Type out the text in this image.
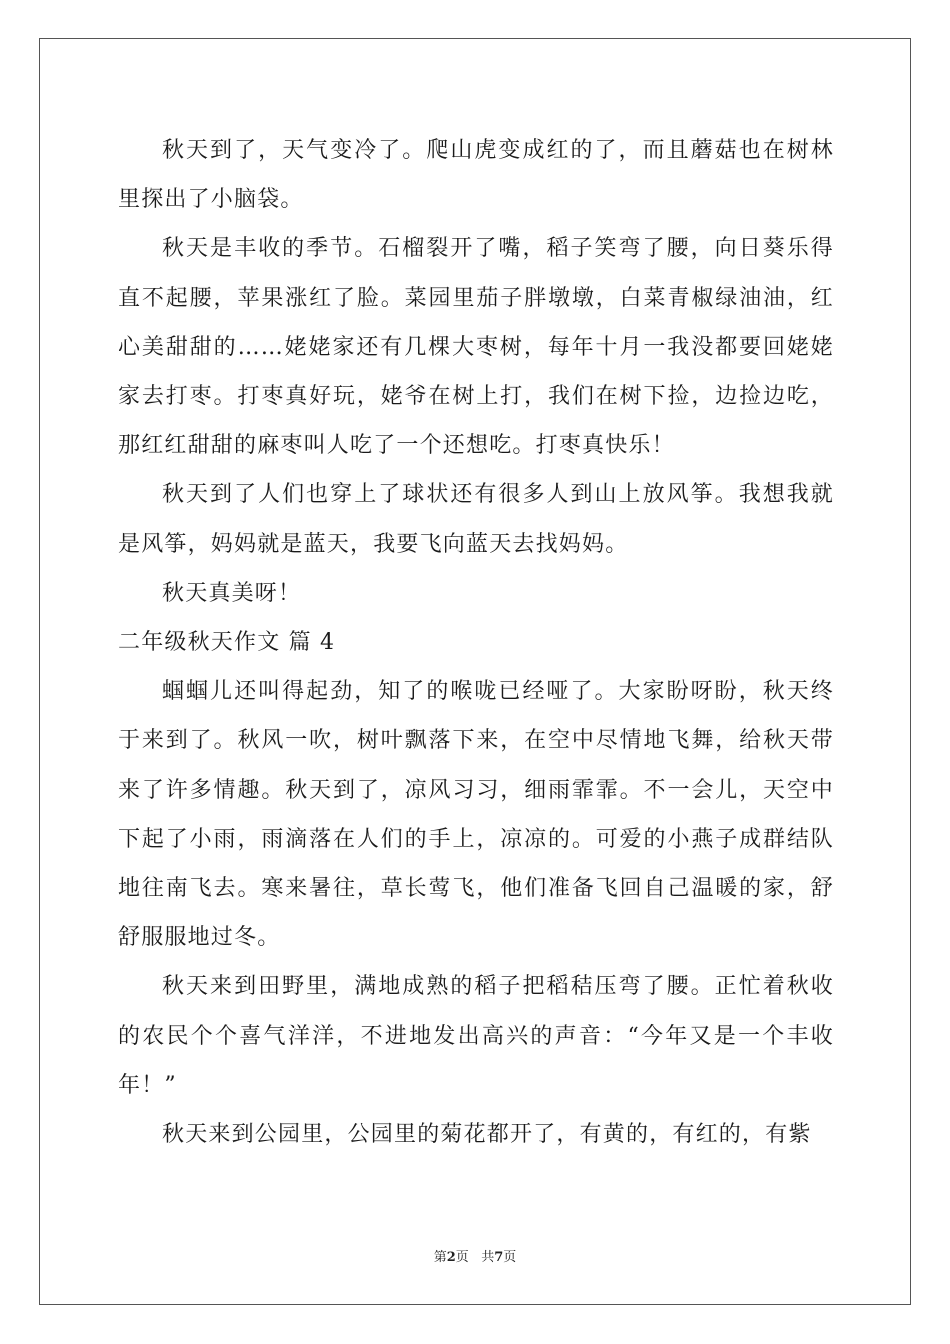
秋天到了，天气变冷了。爬山虎变成红的了，而且蘑菇也在树林里探出了小脑袋。

秋天是丰收的季节。石榴裂开了嘴，稻子笑弯了腰，向日葵乐得直不起腰，苹果涨红了脸。菜园里茄子胖墩墩，白菜青椒绿油油，红心美甜甜的……姥姥家还有几棵大枣树，每年十月一我没都要回姥姥家去打枣。打枣真好玩，姥爷在树上打，我们在树下捡，边捡边吃，那红红甜甜的麻枣叫人吃了一个还想吃。打枣真快乐！

秋天到了人们也穿上了球状还有很多人到山上放风筝。我想我就是风筝，妈妈就是蓝天，我要飞向蓝天去找妈妈。

秋天真美呀！

二年级秋天作文 篇 4

蝈蝈儿还叫得起劲，知了的喉咙已经哑了。大家盼呀盼，秋天终于来到了。秋风一吹，树叶飘落下来，在空中尽情地飞舞，给秋天带来了许多情趣。秋天到了，凉风习习，细雨霏霏。不一会儿，天空中下起了小雨，雨滴落在人们的手上，凉凉的。可爱的小燕子成群结队地往南飞去。寒来暑往，草长莺飞，他们准备飞回自己温暖的家，舒舒服服地过冬。

秋天来到田野里，满地成熟的稻子把稻秸压弯了腰。正忙着秋收的农民个个喜气洋洋，不进地发出高兴的声音：“今年又是一个丰收年！”

秋天来到公园里，公园里的菊花都开了，有黄的，有红的，有紫

第2页 共7页
